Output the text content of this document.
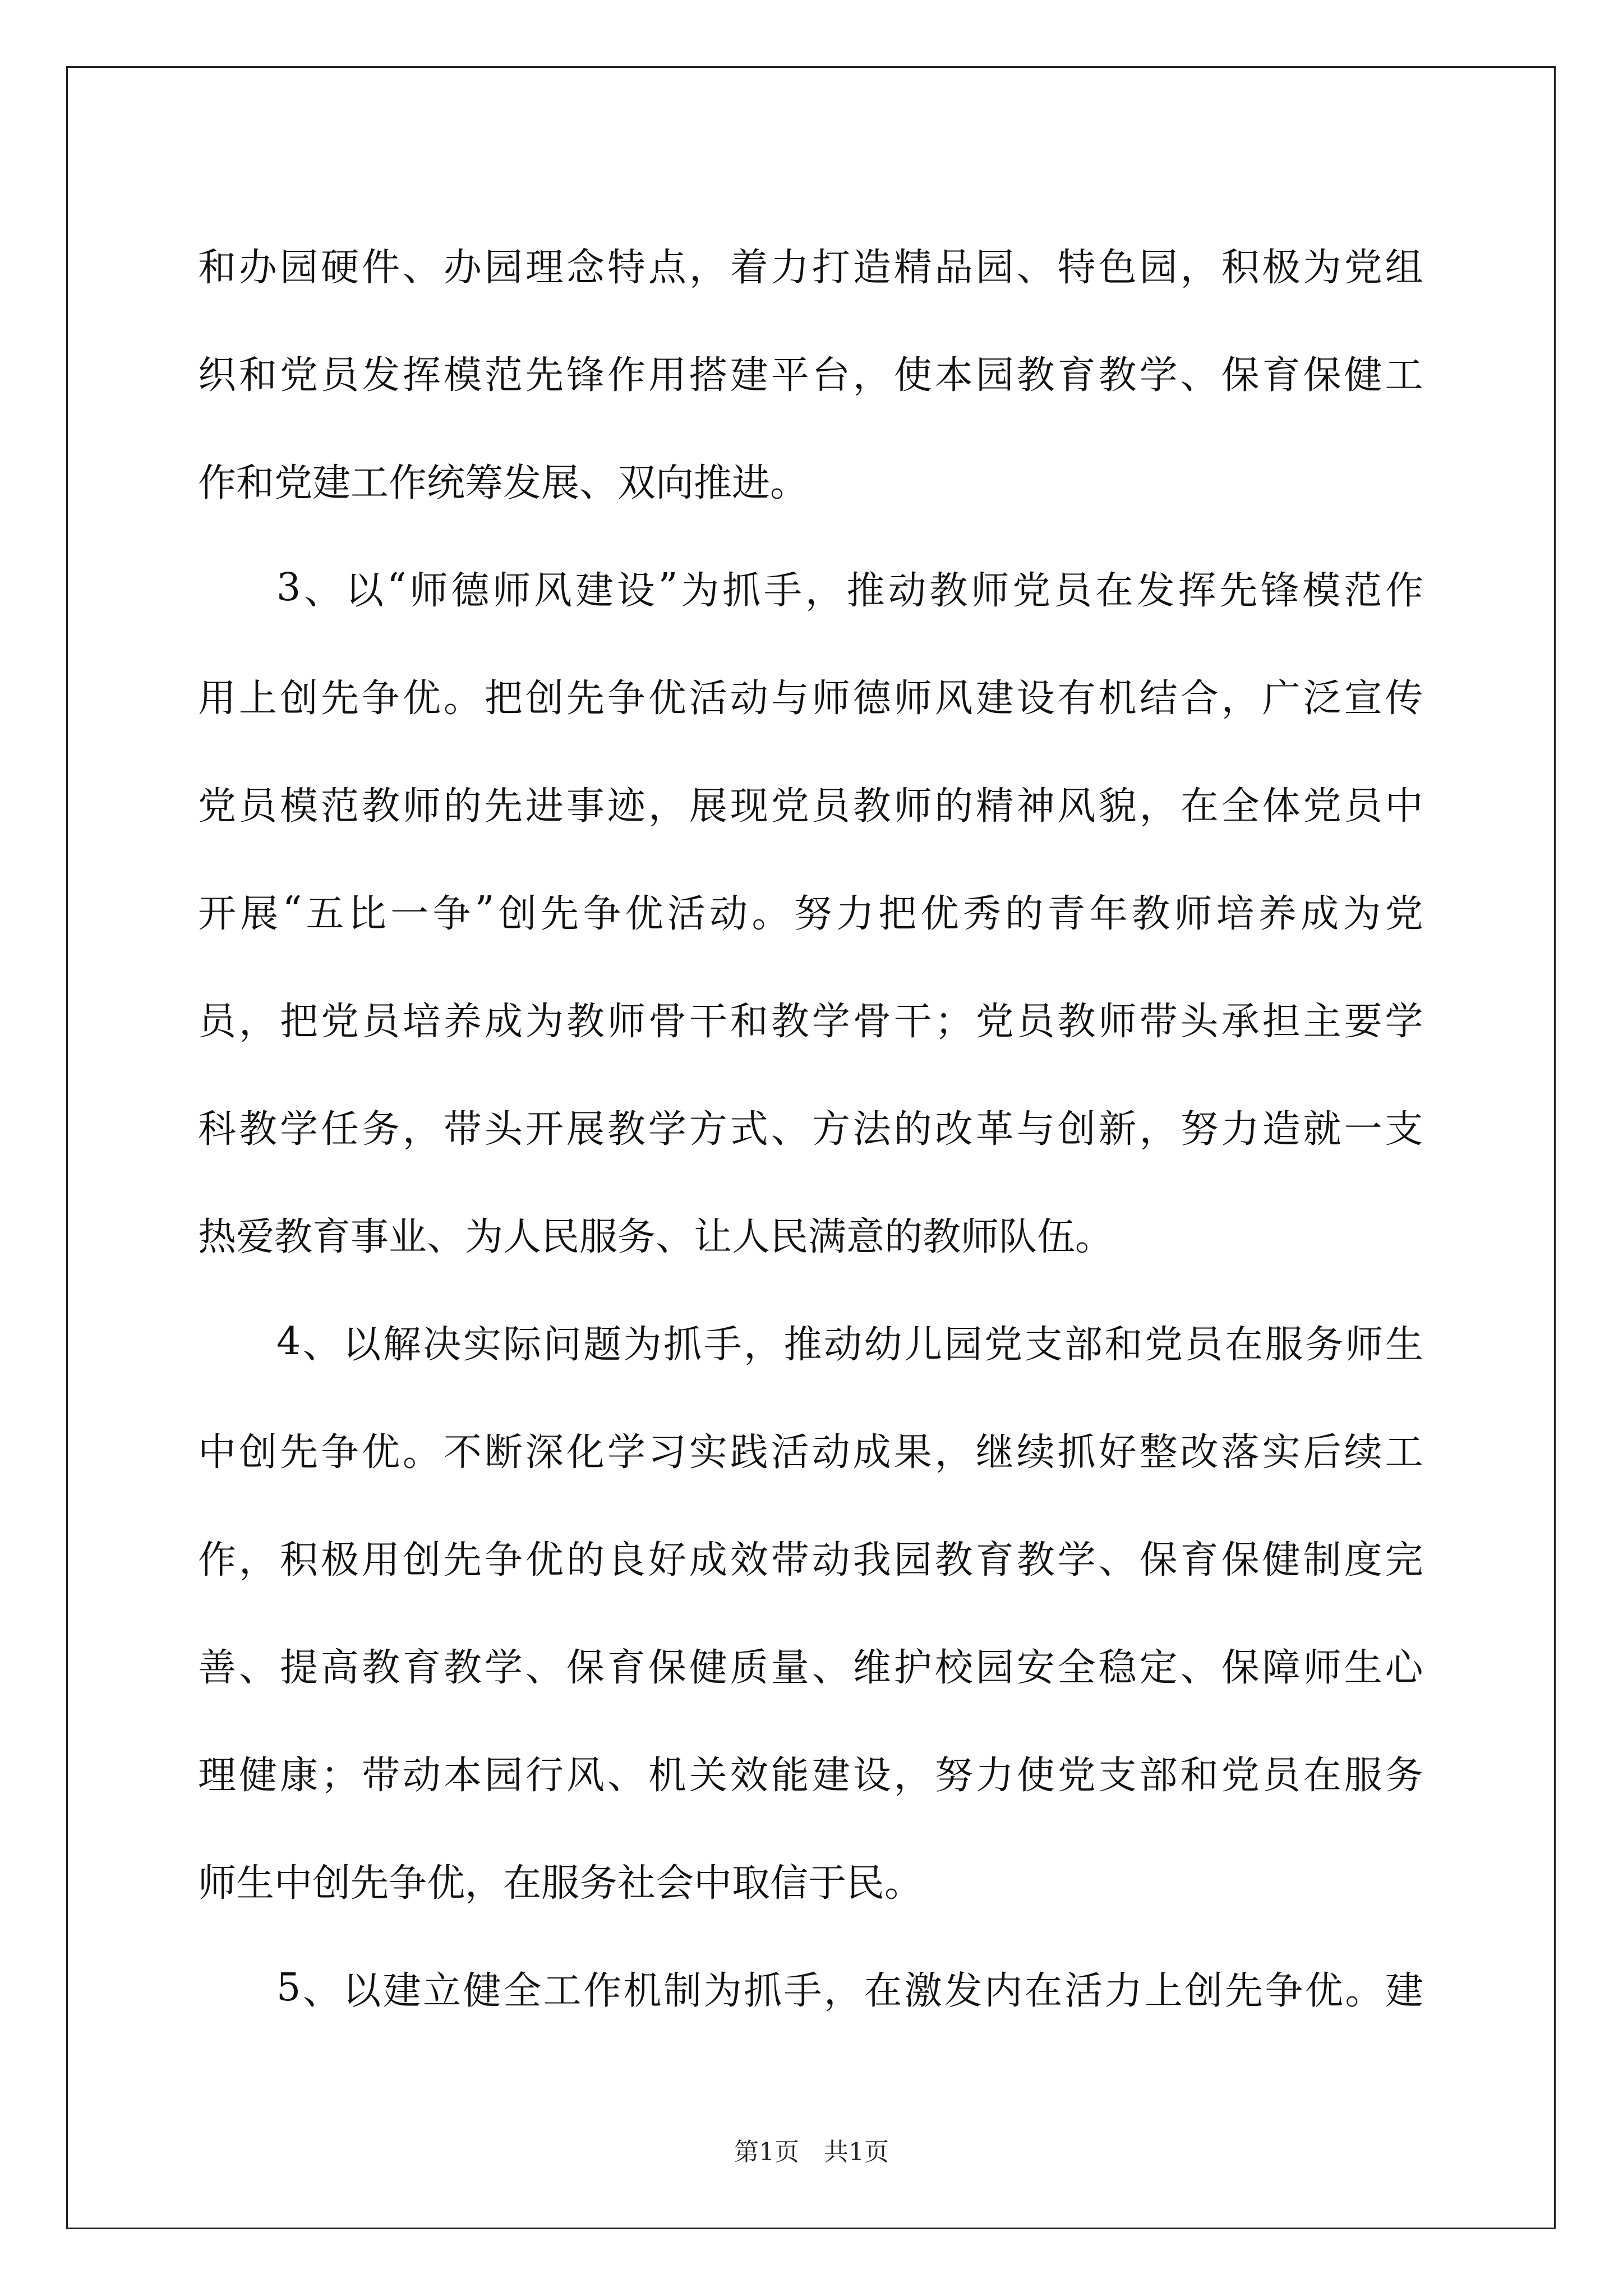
和 办 园 硬 件 、 办 园 理 念 特 点 ， 着 力 打 造 精 品 园 、 特 色 园 ， 积 极 为 党 组
织 和 党 员 发 挥 模 范 先 锋 作 用 搭 建 平 台 ， 使 本 园 教 育 教 学 、 保 育 保 健 工
作和党建工作统筹发展、双向推进。
3 、 以 “ 师 德 师 风 建 设 ” 为 抓 手 ， 推 动 教 师 党 员 在 发 挥 先 锋 模 范 作
用 上 创 先 争 优 。 把 创 先 争 优 活 动 与 师 德 师 风 建 设 有 机 结 合 ， 广 泛 宣 传
党 员 模 范 教 师 的 先 进 事 迹 ， 展 现 党 员 教 师 的 精 神 风 貌 ， 在 全 体 党 员 中
开 展 “ 五 比 一 争 ” 创 先 争 优 活 动 。 努 力 把 优 秀 的 青 年 教 师 培 养 成 为 党
员 ， 把 党 员 培 养 成 为 教 师 骨 干 和 教 学 骨 干 ； 党 员 教 师 带 头 承 担 主 要 学
科 教 学 任 务 ， 带 头 开 展 教 学 方 式 、 方 法 的 改 革 与 创 新 ， 努 力 造 就 一 支
热爱教育事业、为人民服务、让人民满意的教师队伍。
4 、 以 解 决 实 际 问 题 为 抓 手 ， 推 动 幼 儿 园 党 支 部 和 党 员 在 服 务 师 生
中 创 先 争 优 。 不 断 深 化 学 习 实 践 活 动 成 果 ， 继 续 抓 好 整 改 落 实 后 续 工
作 ， 积 极 用 创 先 争 优 的 良 好 成 效 带 动 我 园 教 育 教 学 、 保 育 保 健 制 度 完
善 、 提 高 教 育 教 学 、 保 育 保 健 质 量 、 维 护 校 园 安 全 稳 定 、 保 障 师 生 心
理 健 康 ； 带 动 本 园 行 风 、 机 关 效 能 建 设 ， 努 力 使 党 支 部 和 党 员 在 服 务
师生中创先争优，在服务社会中取信于民。
5 、 以 建 立 健 全 工 作 机 制 为 抓 手 ， 在 激 发 内 在 活 力 上 创 先 争 优 。 建
第1页　共1页
